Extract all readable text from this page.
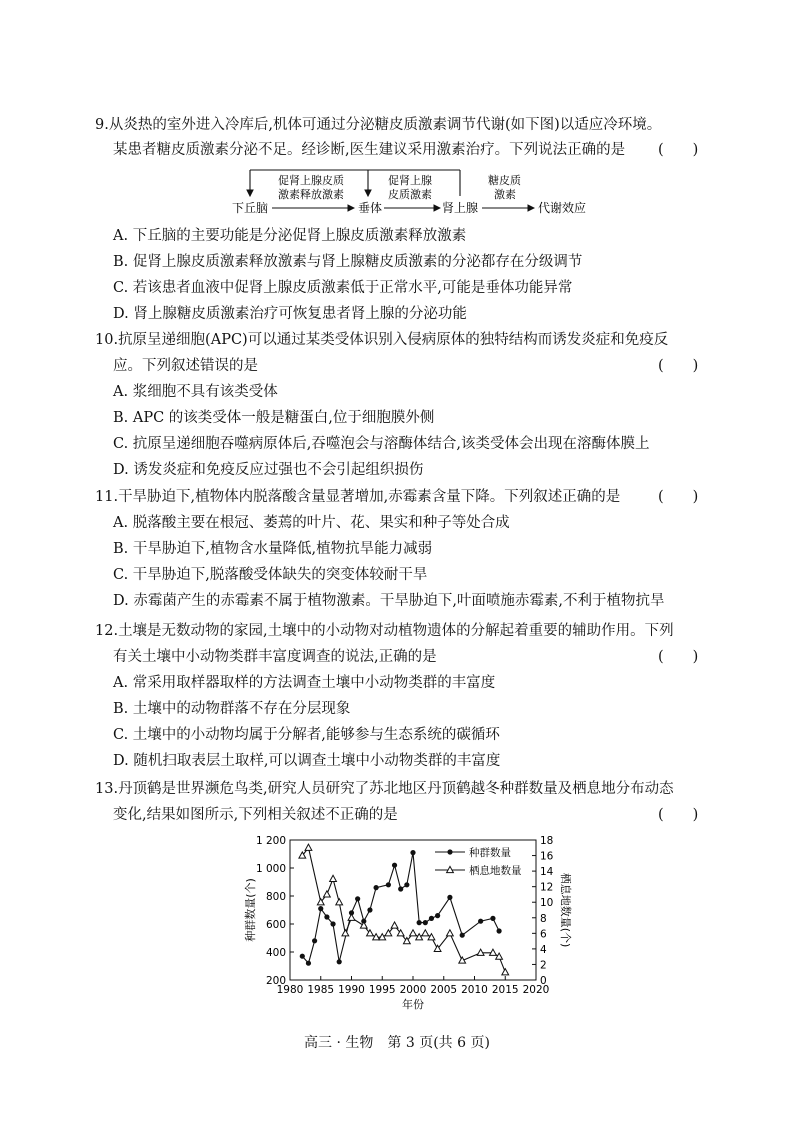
9.从炎热的室外进入冷库后,机体可通过分泌糖皮质激素调节代谢(如下图)以适应冷环境。
某患者糖皮质激素分泌不足。经诊断,医生建议采用激素治疗。下列说法正确的是 (　　)
下丘脑	垂体	肾上腺	代谢效应
促肾上腺皮质
激素释放激素
促肾上腺
皮质激素
糖皮质
激素
A. 下丘脑的主要功能是分泌促肾上腺皮质激素释放激素
B. 促肾上腺皮质激素释放激素与肾上腺糖皮质激素的分泌都存在分级调节
C. 若该患者血液中促肾上腺皮质激素低于正常水平,可能是垂体功能异常
D. 肾上腺糖皮质激素治疗可恢复患者肾上腺的分泌功能
10.抗原呈递细胞(APC)可以通过某类受体识别入侵病原体的独特结构而诱发炎症和免疫反
应。下列叙述错误的是	(　　)
A. 浆细胞不具有该类受体
B. APC 的该类受体一般是糖蛋白,位于细胞膜外侧
C. 抗原呈递细胞吞噬病原体后,吞噬泡会与溶酶体结合,该类受体会出现在溶酶体膜上
D. 诱发炎症和免疫反应过强也不会引起组织损伤
11.干旱胁迫下,植物体内脱落酸含量显著增加,赤霉素含量下降。下列叙述正确的是	(　　)
A. 脱落酸主要在根冠、萎蔫的叶片、花、果实和种子等处合成
B. 干旱胁迫下,植物含水量降低,植物抗旱能力减弱
C. 干旱胁迫下,脱落酸受体缺失的突变体较耐干旱
D. 赤霉菌产生的赤霉素不属于植物激素。干旱胁迫下,叶面喷施赤霉素,不利于植物抗旱
12.土壤是无数动物的家园,土壤中的小动物对动植物遗体的分解起着重要的辅助作用。下列
有关土壤中小动物类群丰富度调查的说法,正确的是	(　　)
A. 常采用取样器取样的方法调查土壤中小动物类群的丰富度
B. 土壤中的动物群落不存在分层现象
C. 土壤中的小动物均属于分解者,能够参与生态系统的碳循环
D. 随机扫取表层土取样,可以调查土壤中小动物类群的丰富度
13.丹顶鹤是世界濒危鸟类,研究人员研究了苏北地区丹顶鹤越冬种群数量及栖息地分布动态
变化,结果如图所示,下列相关叙述不正确的是	(　　)
1980 1985 1990 1995 2000 2005 2010 2015 2020
200
400
600
800
1 000
1 200
0
2
4
6
8
10
12
14
16
18
年份
种群数量(个)	栖息地数量(个)
种群数量
栖息地数量
高三 · 生物　第 3 页(共 6 页)
